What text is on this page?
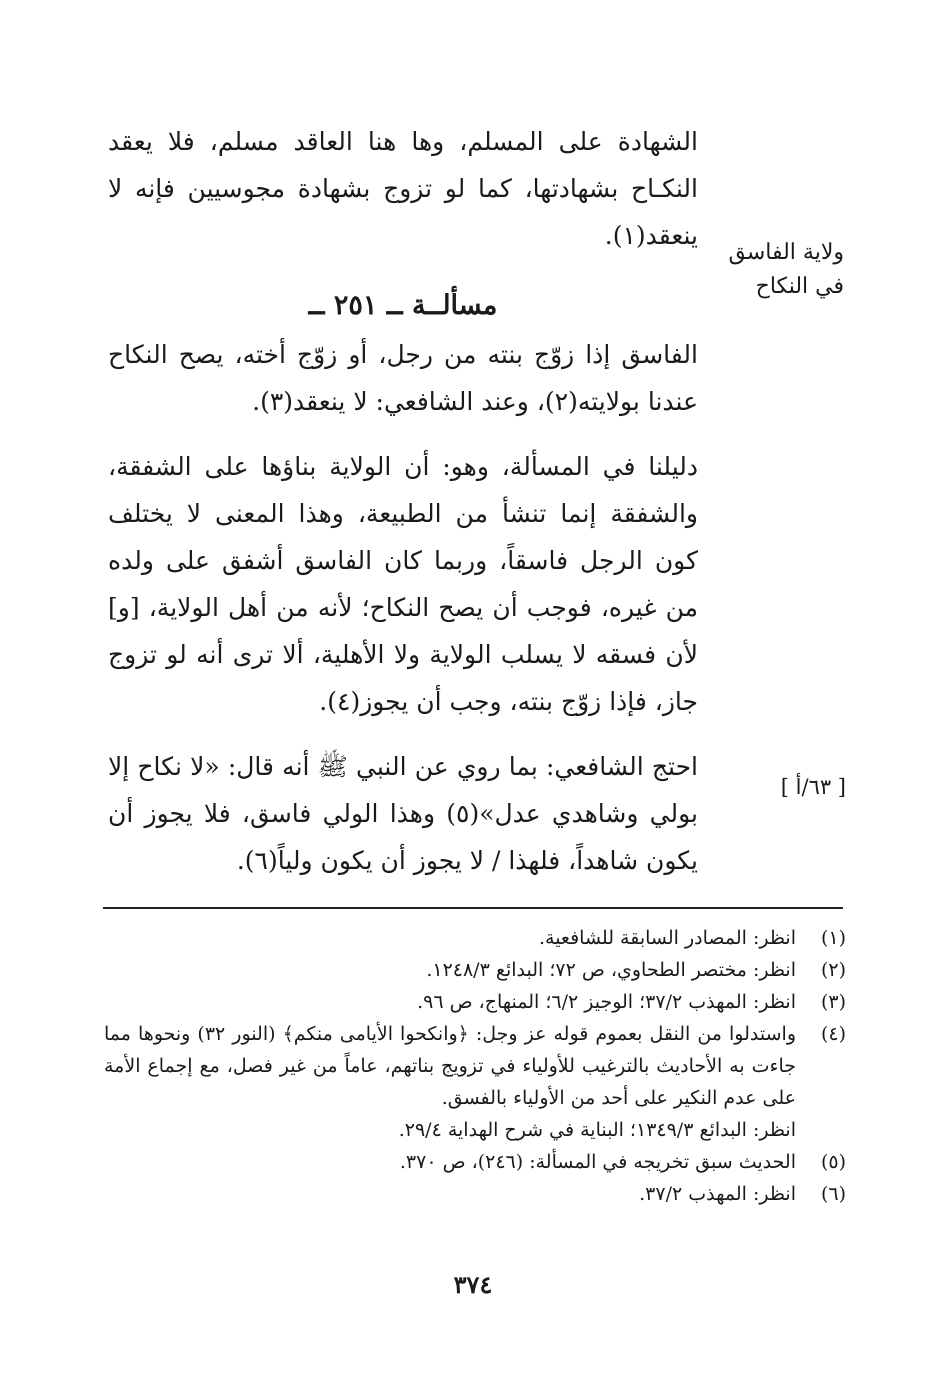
الشهادة على المسلم، وها هنا العاقد مسلم، فلا يعقد النكـاح بشهادتها، كما لو تزوج بشهادة مجوسيين فإنه لا ينعقد(١).

مسألــة ــ ٢٥١ ــ

الفاسق إذا زوّج بنته من رجل، أو زوّج أخته، يصح النكاح عندنا بولايته(٢)، وعند الشافعي: لا ينعقد(٣).

دليلنا في المسألة، وهو: أن الولاية بناؤها على الشفقة، والشفقة إنما تنشأ من الطبيعة، وهذا المعنى لا يختلف كون الرجل فاسقاً، وربما كان الفاسق أشفق على ولده من غيره، فوجب أن يصح النكاح؛ لأنه من أهل الولاية، [و] لأن فسقه لا يسلب الولاية ولا الأهلية، ألا ترى أنه لو تزوج جاز، فإذا زوّج بنته، وجب أن يجوز(٤).

احتج الشافعي: بما روي عن النبي ﷺ أنه قال: «لا نكاح إلا بولي وشاهدي عدل»(٥) وهذا الولي فاسق، فلا يجوز أن يكون شاهداً، فلهذا / لا يجوز أن يكون ولياً(٦).

ولاية الفاسق في النكاح
[ ٦٣/أ ]
(١)
انظر: المصادر السابقة للشافعية.
(٢)
انظر: مختصر الطحاوي، ص ٧٢؛ البدائع ١٢٤٨/٣.
(٣)
انظر: المهذب ٣٧/٢؛ الوجيز ٦/٢؛ المنهاج، ص ٩٦.
(٤)
واستدلوا من النقل بعموم قوله عز وجل: ﴿وانكحوا الأيامى منكم﴾ (النور ٣٢) ونحوها مما جاءت به الأحاديث بالترغيب للأولياء في تزويج بناتهم، عاماً من غير فصل، مع إجماع الأمة على عدم النكير على أحد من الأولياء بالفسق.
انظر: البدائع ١٣٤٩/٣؛ البناية في شرح الهداية ٢٩/٤.
(٥)
الحديث سبق تخريجه في المسألة: (٢٤٦)، ص ٣٧٠.
(٦)
انظر: المهذب ٣٧/٢.
٣٧٤
